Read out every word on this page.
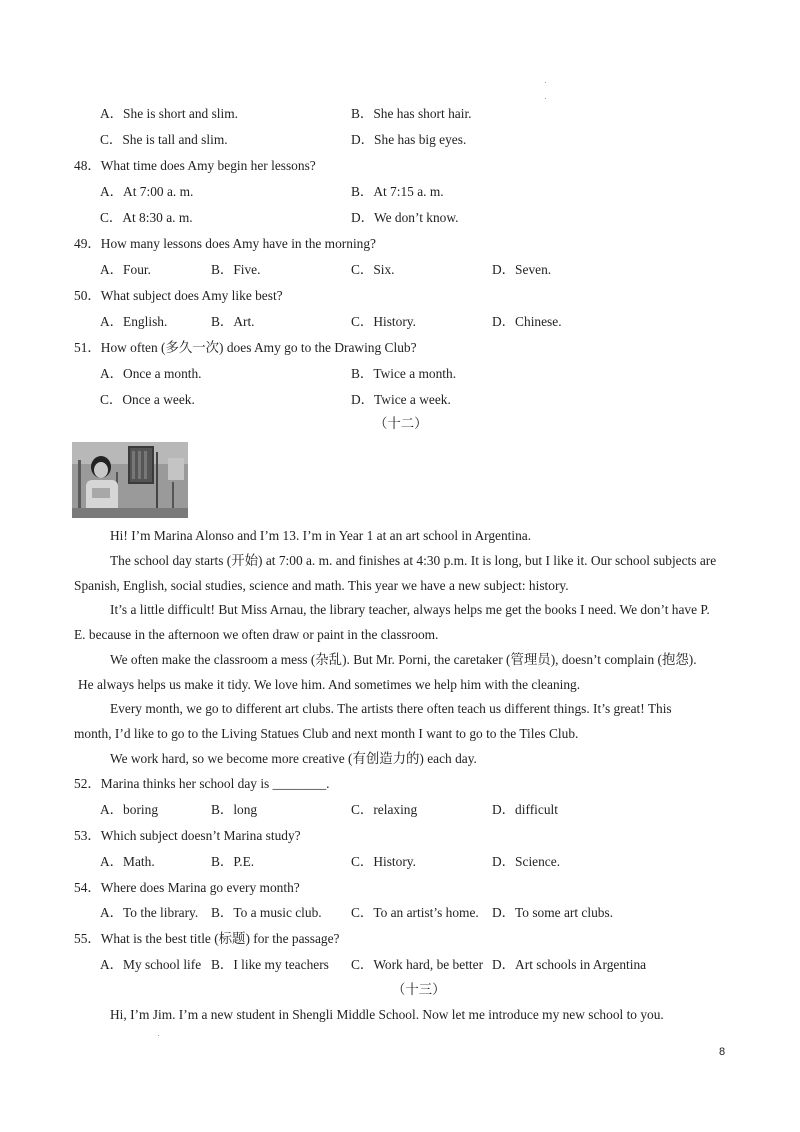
A．She is short and slim.	B．She has short hair.
C．She is tall and slim.	D．She has big eyes.
48．What time does Amy begin her lessons?
A．At 7:00 a. m.	B．At 7:15 a. m.
C．At 8:30 a. m.	D．We don’t know.
49．How many lessons does Amy have in the morning?
A．Four.	B．Five.	C．Six.	D．Seven.
50．What subject does Amy like best?
A．English.	B．Art.	C．History.	D．Chinese.
51．How often (多久一次) does Amy go to the Drawing Club?
A．Once a month.	B．Twice a month.
C．Once a week.	D．Twice a week.
（十二）
Hi! I’m Marina Alonso and I’m 13. I’m in Year 1 at an art school in Argentina.
The school day starts (开始) at 7:00 a. m. and finishes at 4:30 p.m. It is long, but I like it. Our school subjects are
Spanish, English, social studies, science and math. This year we have a new subject: history.
It’s a little difficult! But Miss Arnau, the library teacher, always helps me get the books I need. We don’t have P.
E. because in the afternoon we often draw or paint in the classroom.
We often make the classroom a mess (杂乱). But Mr. Porni, the caretaker (管理员), doesn’t complain (抱怨).
He always helps us make it tidy. We love him. And sometimes we help him with the cleaning.
Every month, we go to different art clubs. The artists there often teach us different things. It’s great! This
month, I’d like to go to the Living Statues Club and next month I want to go to the Tiles Club.
We work hard, so we become more creative (有创造力的) each day.
52．Marina thinks her school day is ________.
A．boring	B．long	C．relaxing	D．difficult
53．Which subject doesn’t Marina study?
A．Math.	B．P.E.	C．History.	D．Science.
54．Where does Marina go every month?
A．To the library. B．To a music club. C．To an artist’s home. D．To some art clubs.
55．What is the best title (标题) for the passage?
A．My school life B．I like my teachers C．Work hard, be better D．Art schools in Argentina
（十三）
Hi, I’m Jim. I’m a new student in Shengli Middle School. Now let me introduce my new school to you.
8
